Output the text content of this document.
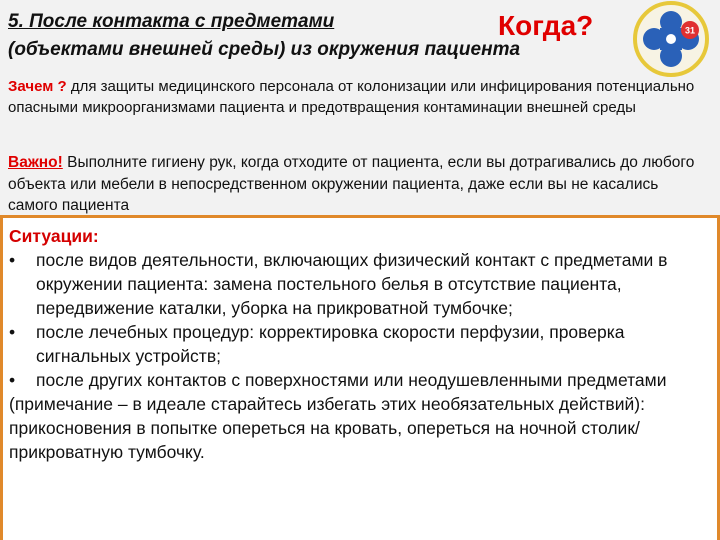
5. После контакта с предметами
(объектами внешней среды) из окружения пациента
Когда?	31
Зачем ? для защиты медицинского персонала от колонизации или инфицирования потенциально опасными микроорганизмами пациента и предотвращения контаминации внешней среды
Важно! Выполните гигиену рук, когда отходите от пациента, если вы дотрагивались до любого объекта или мебели в непосредственном окружении пациента, даже если вы не касались самого пациента
Ситуации:
• после видов деятельности, включающих физический контакт с предметами в окружении пациента: замена постельного белья в отсутствие пациента, передвижение каталки, уборка на прикроватной тумбочке;
• после лечебных процедур: корректировка скорости перфузии, проверка сигнальных устройств;
• после других контактов с поверхностями или неодушевленными предметами
(примечание – в идеале старайтесь избегать этих необязательных действий): прикосновения в попытке опереться на кровать, опереться на ночной столик/прикроватную тумбочку.
